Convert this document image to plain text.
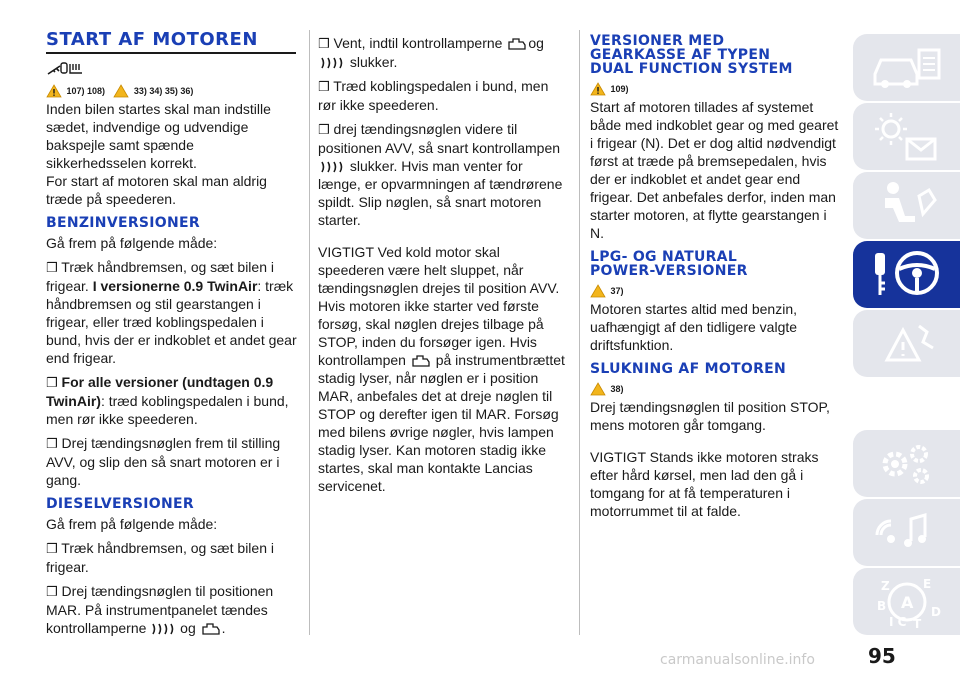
START AF MOTOREN
107) 108)	33) 34) 35) 36)

Inden bilen startes skal man indstille sædet, indvendige og udvendige bakspejle samt spænde sikkerhedsselen korrekt.

For start af motoren skal man aldrig træde på speederen.

BENZINVERSIONER

Gå frem på følgende måde:

❒ Træk håndbremsen, og sæt bilen i frigear. I versionerne 0.9 TwinAir: træk håndbremsen og stil gearstangen i frigear, eller træd koblingspedalen i bund, hvis der er indkoblet et andet gear end frigear.

❒ For alle versioner (undtagen 0.9 TwinAir): træd koblingspedalen i bund, men rør ikke speederen.

❒ Drej tændingsnøglen frem til stilling AVV, og slip den så snart motoren er i gang.

DIESELVERSIONER

Gå frem på følgende måde:

❒ Træk håndbremsen, og sæt bilen i frigear.

❒ Drej tændingsnøglen til positionen MAR. På instrumentpanelet tændes kontrollamperne og .

❒ Vent, indtil kontrollamperne og
slukker.

❒ Træd koblingspedalen i bund, men rør ikke speederen.

❒ drej tændingsnøglen videre til positionen AVV, så snart kontrollampen
slukker. Hvis man venter for længe, er opvarmningen af tændrørene spildt. Slip nøglen, så snart motoren starter.

VIGTIGT Ved kold motor skal speederen være helt sluppet, når tændingsnøglen drejes til position AVV. Hvis motoren ikke starter ved første forsøg, skal nøglen drejes tilbage på STOP, inden du forsøger igen. Hvis kontrollampen på instrumentbrættet stadig lyser, når nøglen er i position MAR, anbefales det at dreje nøglen til STOP og derefter igen til MAR. Forsøg med bilens øvrige nøgler, hvis lampen stadig lyser. Kan motoren stadig ikke startes, skal man kontakte Lancias servicenet.

VERSIONER MED
GEARKASSE AF TYPEN
DUAL FUNCTION SYSTEM
109)

Start af motoren tillades af systemet både med indkoblet gear og med gearet i frigear (N). Det er dog altid nødvendigt først at træde på bremsepedalen, hvis der er indkoblet et andet gear end frigear. Det anbefales derfor, inden man starter motoren, at flytte gearstangen i N.

LPG- OG NATURAL
POWER-VERSIONER
37)

Motoren startes altid med benzin, uafhængigt af den tidligere valgte driftsfunktion.

SLUKNING AF MOTOREN
38)

Drej tændingsnøglen til position STOP, mens motoren går tomgang.

VIGTIGT Stands ikke motoren straks efter hård kørsel, men lad den gå i tomgang for at få temperaturen i motorrummet til at falde.

Z	E
B A D
I C T
95
carmanualsonline.info
